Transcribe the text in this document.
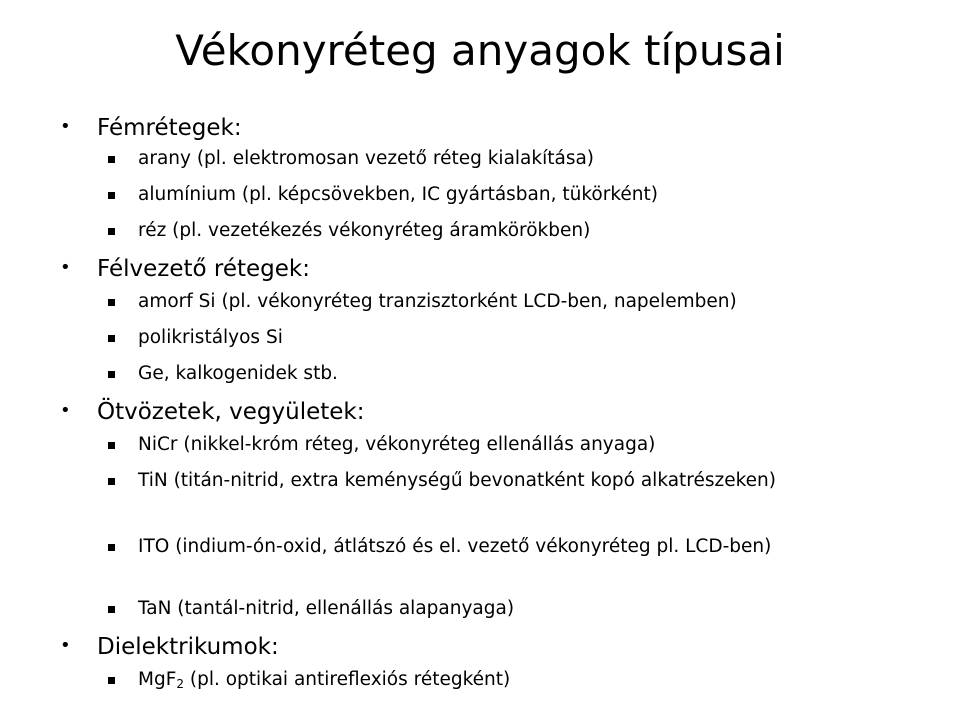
Vékonyréteg anyagok típusai
• Fémrétegek:
arany (pl. elektromosan vezető réteg kialakítása)
alumínium (pl. képcsövekben, IC gyártásban, tükörként)
réz (pl. vezetékezés vékonyréteg áramkörökben)
• Félvezető rétegek:
amorf Si (pl. vékonyréteg tranzisztorként LCD-ben, napelemben)
polikristályos Si
Ge, kalkogenidek stb.
• Ötvözetek, vegyületek:
NiCr (nikkel-króm réteg, vékonyréteg ellenállás anyaga)
TiN (titán-nitrid, extra keménységű bevonatként kopó alkatrészeken)
ITO (indium-ón-oxid, átlátszó és el. vezető vékonyréteg pl. LCD-ben)
TaN (tantál-nitrid, ellenállás alapanyaga)
• Dielektrikumok:
MgF$_2$ (pl. optikai antireflexiós rétegként)
